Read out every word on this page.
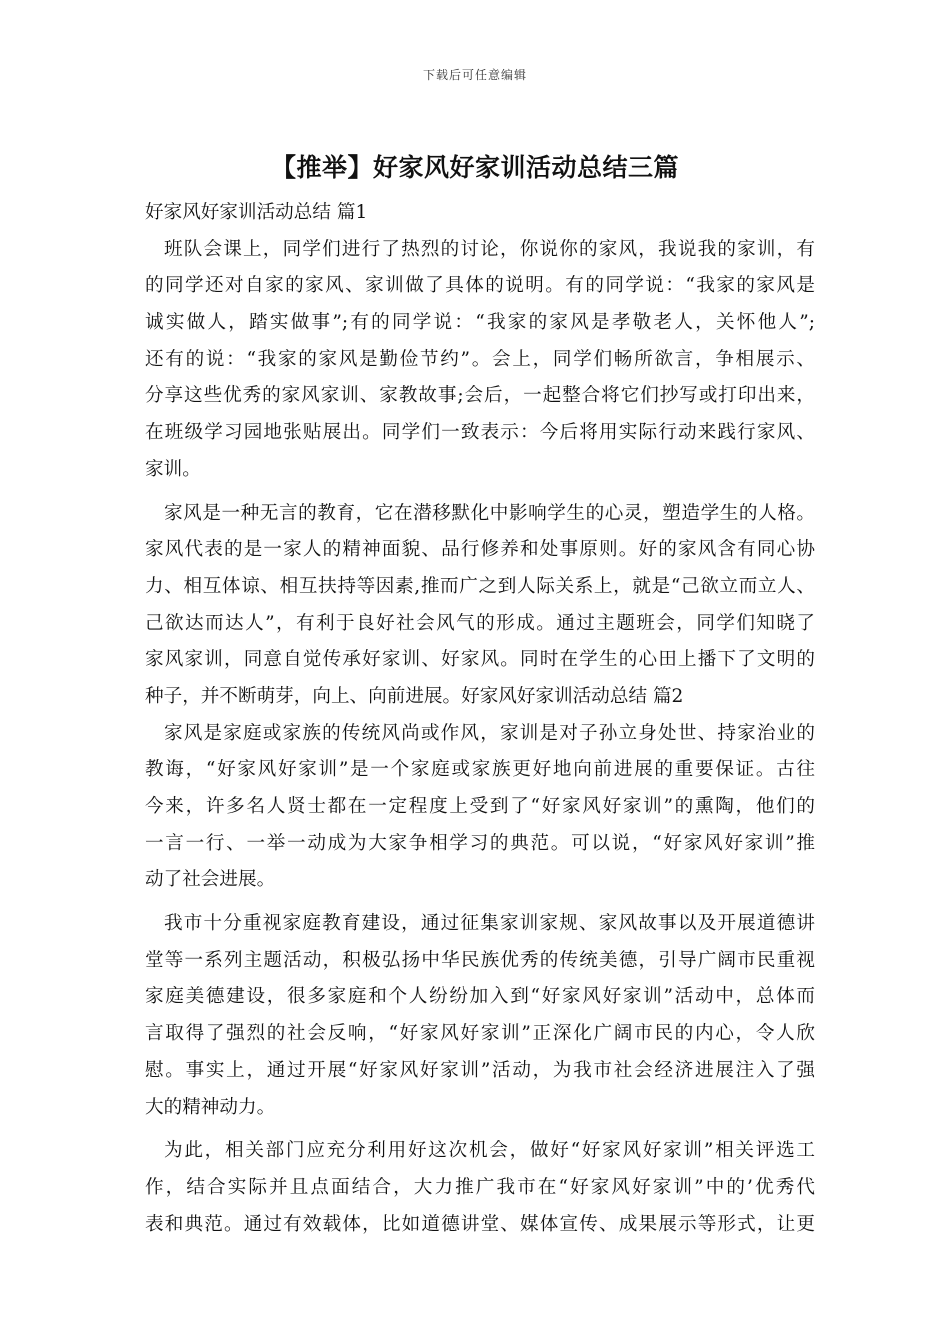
下载后可任意编辑
【推举】好家风好家训活动总结三篇
好家风好家训活动总结 篇1
班队会课上，同学们进行了热烈的讨论，你说你的家风，我说我的家训，有
的同学还对自家的家风、家训做了具体的说明。有的同学说：“我家的家风是
诚实做人，踏实做事”;有的同学说：“我家的家风是孝敬老人，关怀他人”;
还有的说：“我家的家风是勤俭节约”。会上，同学们畅所欲言，争相展示、
分享这些优秀的家风家训、家教故事;会后，一起整合将它们抄写或打印出来，
在班级学习园地张贴展出。同学们一致表示：今后将用实际行动来践行家风、
家训。
家风是一种无言的教育，它在潜移默化中影响学生的心灵，塑造学生的人格。
家风代表的是一家人的精神面貌、品行修养和处事原则。好的家风含有同心协
力、相互体谅、相互扶持等因素,推而广之到人际关系上，就是“己欲立而立人、
己欲达而达人”，有利于良好社会风气的形成。通过主题班会，同学们知晓了
家风家训，同意自觉传承好家训、好家风。同时在学生的心田上播下了文明的
种子，并不断萌芽，向上、向前进展。好家风好家训活动总结 篇2
家风是家庭或家族的传统风尚或作风，家训是对子孙立身处世、持家治业的
教诲，“好家风好家训”是一个家庭或家族更好地向前进展的重要保证。古往
今来，许多名人贤士都在一定程度上受到了“好家风好家训”的熏陶，他们的
一言一行、一举一动成为大家争相学习的典范。可以说，“好家风好家训”推
动了社会进展。
我市十分重视家庭教育建设，通过征集家训家规、家风故事以及开展道德讲
堂等一系列主题活动，积极弘扬中华民族优秀的传统美德，引导广阔市民重视
家庭美德建设，很多家庭和个人纷纷加入到“好家风好家训”活动中，总体而
言取得了强烈的社会反响，“好家风好家训”正深化广阔市民的内心，令人欣
慰。事实上，通过开展“好家风好家训”活动，为我市社会经济进展注入了强
大的精神动力。
为此，相关部门应充分利用好这次机会，做好“好家风好家训”相关评选工
作，结合实际并且点面结合，大力推广我市在“好家风好家训”中的’优秀代
表和典范。通过有效载体，比如道德讲堂、媒体宣传、成果展示等形式，让更
